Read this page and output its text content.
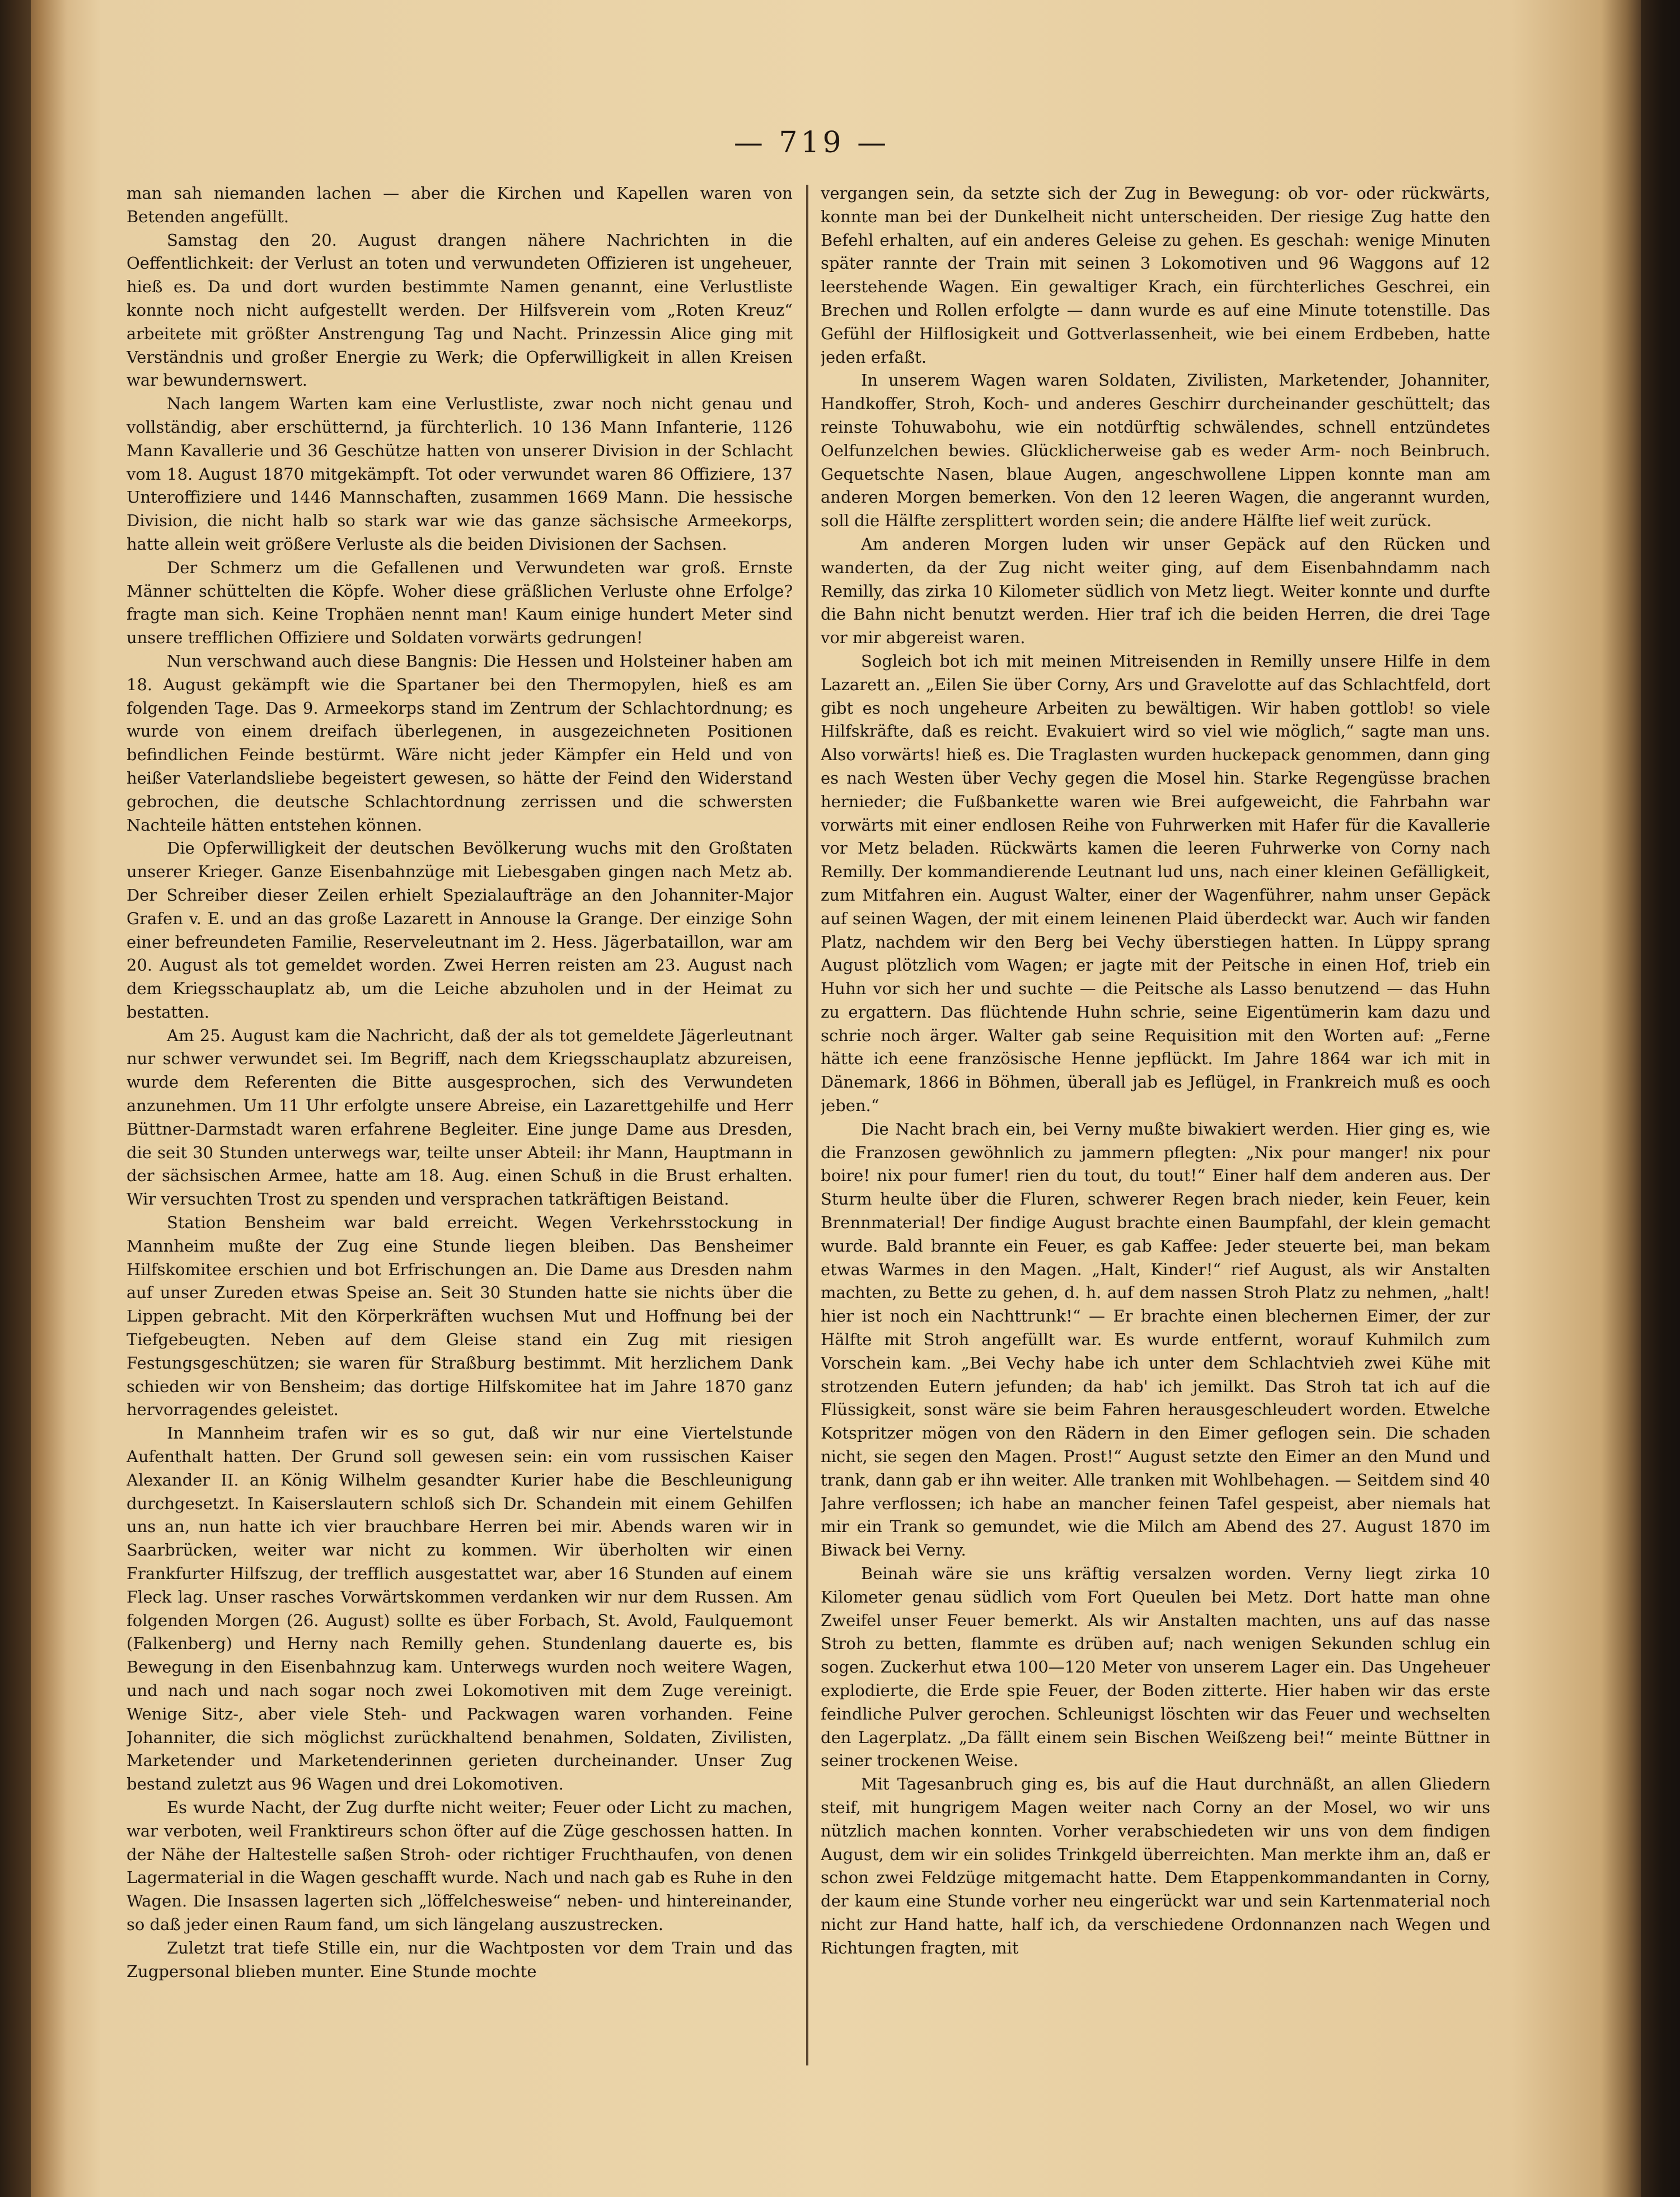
— 719 —

man sah niemanden lachen — aber die Kirchen und Kapellen waren von Betenden angefüllt.

Samstag den 20. August drangen nähere Nachrichten in die Oeffentlichkeit: der Verlust an toten und verwundeten Offizieren ist ungeheuer, hieß es. Da und dort wurden bestimmte Namen genannt, eine Verlustliste konnte noch nicht aufgestellt werden. Der Hilfsverein vom „Roten Kreuz“ arbeitete mit größter Anstrengung Tag und Nacht. Prinzessin Alice ging mit Verständnis und großer Energie zu Werk; die Opferwilligkeit in allen Kreisen war bewundernswert.

Nach langem Warten kam eine Verlustliste, zwar noch nicht genau und vollständig, aber erschütternd, ja fürchterlich. 10 136 Mann Infanterie, 1126 Mann Kavallerie und 36 Geschütze hatten von unserer Division in der Schlacht vom 18. August 1870 mitgekämpft. Tot oder verwundet waren 86 Offiziere, 137 Unteroffiziere und 1446 Mannschaften, zusammen 1669 Mann. Die hessische Division, die nicht halb so stark war wie das ganze sächsische Armeekorps, hatte allein weit größere Verluste als die beiden Divisionen der Sachsen.

Der Schmerz um die Gefallenen und Verwundeten war groß. Ernste Männer schüttelten die Köpfe. Woher diese gräßlichen Verluste ohne Erfolge? fragte man sich. Keine Trophäen nennt man! Kaum einige hundert Meter sind unsere trefflichen Offiziere und Soldaten vorwärts gedrungen!

Nun verschwand auch diese Bangnis: Die Hessen und Holsteiner haben am 18. August gekämpft wie die Spartaner bei den Thermopylen, hieß es am folgenden Tage. Das 9. Armeekorps stand im Zentrum der Schlachtordnung; es wurde von einem dreifach überlegenen, in ausgezeichneten Positionen befindlichen Feinde bestürmt. Wäre nicht jeder Kämpfer ein Held und von heißer Vaterlandsliebe begeistert gewesen, so hätte der Feind den Widerstand gebrochen, die deutsche Schlachtordnung zerrissen und die schwersten Nachteile hätten entstehen können.

Die Opferwilligkeit der deutschen Bevölkerung wuchs mit den Großtaten unserer Krieger. Ganze Eisenbahnzüge mit Liebesgaben gingen nach Metz ab. Der Schreiber dieser Zeilen erhielt Spezialaufträge an den Johanniter-Major Grafen v. E. und an das große Lazarett in Annouse la Grange. Der einzige Sohn einer befreundeten Familie, Reserveleutnant im 2. Hess. Jägerbataillon, war am 20. August als tot gemeldet worden. Zwei Herren reisten am 23. August nach dem Kriegsschauplatz ab, um die Leiche abzuholen und in der Heimat zu bestatten.

Am 25. August kam die Nachricht, daß der als tot gemeldete Jägerleutnant nur schwer verwundet sei. Im Begriff, nach dem Kriegsschauplatz abzureisen, wurde dem Referenten die Bitte ausgesprochen, sich des Verwundeten anzunehmen. Um 11 Uhr erfolgte unsere Abreise, ein Lazarettgehilfe und Herr Büttner-Darmstadt waren erfahrene Begleiter. Eine junge Dame aus Dresden, die seit 30 Stunden unterwegs war, teilte unser Abteil: ihr Mann, Hauptmann in der sächsischen Armee, hatte am 18. Aug. einen Schuß in die Brust erhalten. Wir versuchten Trost zu spenden und versprachen tatkräftigen Beistand.

Station Bensheim war bald erreicht. Wegen Verkehrsstockung in Mannheim mußte der Zug eine Stunde liegen bleiben. Das Bensheimer Hilfskomitee erschien und bot Erfrischungen an. Die Dame aus Dresden nahm auf unser Zureden etwas Speise an. Seit 30 Stunden hatte sie nichts über die Lippen gebracht. Mit den Körperkräften wuchsen Mut und Hoffnung bei der Tiefgebeugten. Neben auf dem Gleise stand ein Zug mit riesigen Festungsgeschützen; sie waren für Straßburg bestimmt. Mit herzlichem Dank schieden wir von Bensheim; das dortige Hilfskomitee hat im Jahre 1870 ganz hervorragendes geleistet.

In Mannheim trafen wir es so gut, daß wir nur eine Viertelstunde Aufenthalt hatten. Der Grund soll gewesen sein: ein vom russischen Kaiser Alexander II. an König Wilhelm gesandter Kurier habe die Beschleunigung durchgesetzt. In Kaiserslautern schloß sich Dr. Schandein mit einem Gehilfen uns an, nun hatte ich vier brauchbare Herren bei mir. Abends waren wir in Saarbrücken, weiter war nicht zu kommen. Wir überholten wir einen Frankfurter Hilfszug, der trefflich ausgestattet war, aber 16 Stunden auf einem Fleck lag. Unser rasches Vorwärtskommen verdanken wir nur dem Russen. Am folgenden Morgen (26. August) sollte es über Forbach, St. Avold, Faulquemont (Falkenberg) und Herny nach Remilly gehen. Stundenlang dauerte es, bis Bewegung in den Eisenbahnzug kam. Unterwegs wurden noch weitere Wagen, und nach und nach sogar noch zwei Lokomotiven mit dem Zuge vereinigt. Wenige Sitz-, aber viele Steh- und Packwagen waren vorhanden. Feine Johanniter, die sich möglichst zurückhaltend benahmen, Soldaten, Zivilisten, Marketender und Marketenderinnen gerieten durcheinander. Unser Zug bestand zuletzt aus 96 Wagen und drei Lokomotiven.

Es wurde Nacht, der Zug durfte nicht weiter; Feuer oder Licht zu machen, war verboten, weil Franktireurs schon öfter auf die Züge geschossen hatten. In der Nähe der Haltestelle saßen Stroh- oder richtiger Fruchthaufen, von denen Lagermaterial in die Wagen geschafft wurde. Nach und nach gab es Ruhe in den Wagen. Die Insassen lagerten sich „löffelchesweise“ neben- und hintereinander, so daß jeder einen Raum fand, um sich längelang auszustrecken.

Zuletzt trat tiefe Stille ein, nur die Wachtposten vor dem Train und das Zugpersonal blieben munter. Eine Stunde mochte

vergangen sein, da setzte sich der Zug in Bewegung: ob vor- oder rückwärts, konnte man bei der Dunkelheit nicht unterscheiden. Der riesige Zug hatte den Befehl erhalten, auf ein anderes Geleise zu gehen. Es geschah: wenige Minuten später rannte der Train mit seinen 3 Lokomotiven und 96 Waggons auf 12 leerstehende Wagen. Ein gewaltiger Krach, ein fürchterliches Geschrei, ein Brechen und Rollen erfolgte — dann wurde es auf eine Minute totenstille. Das Gefühl der Hilflosigkeit und Gottverlassenheit, wie bei einem Erdbeben, hatte jeden erfaßt.

In unserem Wagen waren Soldaten, Zivilisten, Marketender, Johanniter, Handkoffer, Stroh, Koch- und anderes Geschirr durcheinander geschüttelt; das reinste Tohuwabohu, wie ein notdürftig schwälendes, schnell entzündetes Oelfunzelchen bewies. Glücklicherweise gab es weder Arm- noch Beinbruch. Gequetschte Nasen, blaue Augen, angeschwollene Lippen konnte man am anderen Morgen bemerken. Von den 12 leeren Wagen, die angerannt wurden, soll die Hälfte zersplittert worden sein; die andere Hälfte lief weit zurück.

Am anderen Morgen luden wir unser Gepäck auf den Rücken und wanderten, da der Zug nicht weiter ging, auf dem Eisenbahndamm nach Remilly, das zirka 10 Kilometer südlich von Metz liegt. Weiter konnte und durfte die Bahn nicht benutzt werden. Hier traf ich die beiden Herren, die drei Tage vor mir abgereist waren.

Sogleich bot ich mit meinen Mitreisenden in Remilly unsere Hilfe in dem Lazarett an. „Eilen Sie über Corny, Ars und Gravelotte auf das Schlachtfeld, dort gibt es noch ungeheure Arbeiten zu bewältigen. Wir haben gottlob! so viele Hilfskräfte, daß es reicht. Evakuiert wird so viel wie möglich,“ sagte man uns. Also vorwärts! hieß es. Die Traglasten wurden huckepack genommen, dann ging es nach Westen über Vechy gegen die Mosel hin. Starke Regengüsse brachen hernieder; die Fußbankette waren wie Brei aufgeweicht, die Fahrbahn war vorwärts mit einer endlosen Reihe von Fuhrwerken mit Hafer für die Kavallerie vor Metz beladen. Rückwärts kamen die leeren Fuhrwerke von Corny nach Remilly. Der kommandierende Leutnant lud uns, nach einer kleinen Gefälligkeit, zum Mitfahren ein. August Walter, einer der Wagenführer, nahm unser Gepäck auf seinen Wagen, der mit einem leinenen Plaid überdeckt war. Auch wir fanden Platz, nachdem wir den Berg bei Vechy überstiegen hatten. In Lüppy sprang August plötzlich vom Wagen; er jagte mit der Peitsche in einen Hof, trieb ein Huhn vor sich her und suchte — die Peitsche als Lasso benutzend — das Huhn zu ergattern. Das flüchtende Huhn schrie, seine Eigentümerin kam dazu und schrie noch ärger. Walter gab seine Requisition mit den Worten auf: „Ferne hätte ich eene französische Henne jepflückt. Im Jahre 1864 war ich mit in Dänemark, 1866 in Böhmen, überall jab es Jeflügel, in Frankreich muß es ooch jeben.“

Die Nacht brach ein, bei Verny mußte biwakiert werden. Hier ging es, wie die Franzosen gewöhnlich zu jammern pflegten: „Nix pour manger! nix pour boire! nix pour fumer! rien du tout, du tout!“ Einer half dem anderen aus. Der Sturm heulte über die Fluren, schwerer Regen brach nieder, kein Feuer, kein Brennmaterial! Der findige August brachte einen Baumpfahl, der klein gemacht wurde. Bald brannte ein Feuer, es gab Kaffee: Jeder steuerte bei, man bekam etwas Warmes in den Magen. „Halt, Kinder!“ rief August, als wir Anstalten machten, zu Bette zu gehen, d. h. auf dem nassen Stroh Platz zu nehmen, „halt! hier ist noch ein Nachttrunk!“ — Er brachte einen blechernen Eimer, der zur Hälfte mit Stroh angefüllt war. Es wurde entfernt, worauf Kuhmilch zum Vorschein kam. „Bei Vechy habe ich unter dem Schlachtvieh zwei Kühe mit strotzenden Eutern jefunden; da hab' ich jemilkt. Das Stroh tat ich auf die Flüssigkeit, sonst wäre sie beim Fahren herausgeschleudert worden. Etwelche Kotspritzer mögen von den Rädern in den Eimer geflogen sein. Die schaden nicht, sie segen den Magen. Prost!“ August setzte den Eimer an den Mund und trank, dann gab er ihn weiter. Alle tranken mit Wohlbehagen. — Seitdem sind 40 Jahre verflossen; ich habe an mancher feinen Tafel gespeist, aber niemals hat mir ein Trank so gemundet, wie die Milch am Abend des 27. August 1870 im Biwack bei Verny.

Beinah wäre sie uns kräftig versalzen worden. Verny liegt zirka 10 Kilometer genau südlich vom Fort Queulen bei Metz. Dort hatte man ohne Zweifel unser Feuer bemerkt. Als wir Anstalten machten, uns auf das nasse Stroh zu betten, flammte es drüben auf; nach wenigen Sekunden schlug ein sogen. Zuckerhut etwa 100—120 Meter von unserem Lager ein. Das Ungeheuer explodierte, die Erde spie Feuer, der Boden zitterte. Hier haben wir das erste feindliche Pulver gerochen. Schleunigst löschten wir das Feuer und wechselten den Lagerplatz. „Da fällt einem sein Bischen Weißzeng bei!“ meinte Büttner in seiner trockenen Weise.

Mit Tagesanbruch ging es, bis auf die Haut durchnäßt, an allen Gliedern steif, mit hungrigem Magen weiter nach Corny an der Mosel, wo wir uns nützlich machen konnten. Vorher verabschiedeten wir uns von dem findigen August, dem wir ein solides Trinkgeld überreichten. Man merkte ihm an, daß er schon zwei Feldzüge mitgemacht hatte. Dem Etappenkommandanten in Corny, der kaum eine Stunde vorher neu eingerückt war und sein Kartenmaterial noch nicht zur Hand hatte, half ich, da verschiedene Ordonnanzen nach Wegen und Richtungen fragten, mit
